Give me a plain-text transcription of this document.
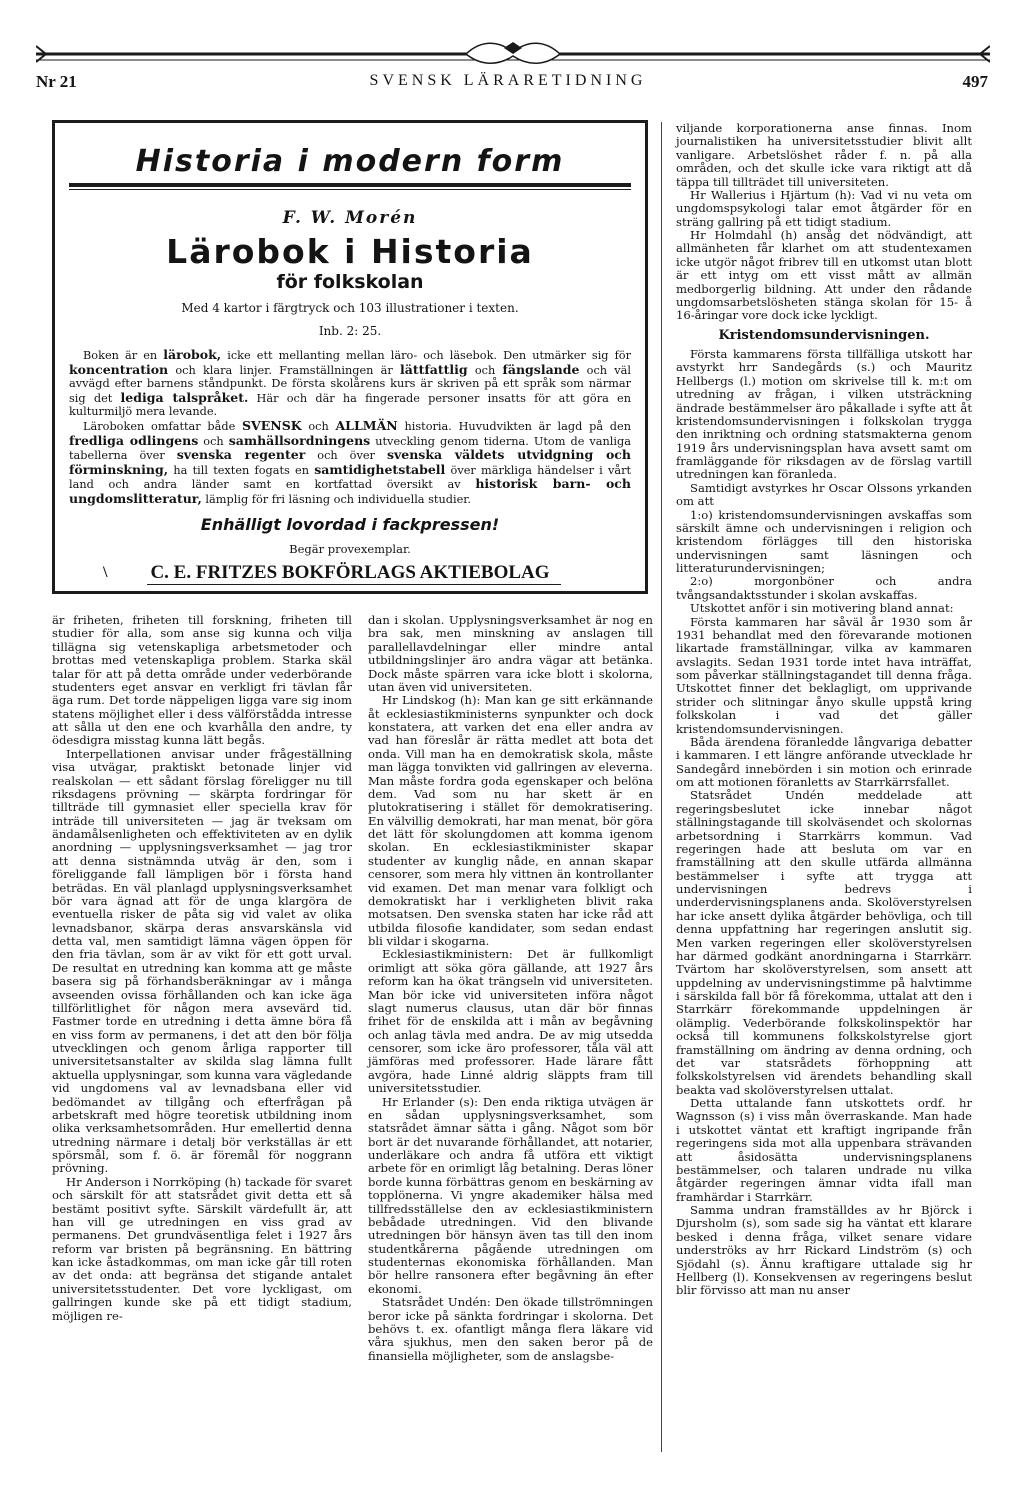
Nr 21	SVENSK LÄRARETIDNING	497
Historia i modern form
F. W. Morén
Lärobok i Historia
för folkskolan
Med 4 kartor i färgtryck och 103 illustrationer i texten.
Inb. 2: 25.

Boken är en lärobok, icke ett mellanting mellan läro- och läsebok. Den utmärker sig för koncentration och klara linjer. Framställningen är lättfattlig och fängslande och väl avvägd efter barnens ståndpunkt. De första skolårens kurs är skriven på ett språk som närmar sig det ledigа talspråket. Här och där ha fingerade personer insatts för att göra en kulturmiljö mera levande.

Läroboken omfattar både SVENSK och ALLMÄN historia. Huvudvikten är lagd på den fredliga odlingens och samhällsordningens utveckling genom tiderna. Utom de vanliga tabellerna över svenska regenter och över svenska väldets utvidgning och förminskning, ha till texten fogats en samtidighetstabell över märkliga händelser i vårt land och andra länder samt en kortfattad översikt av historisk barn- och ungdomslitteratur, lämplig för fri läsning och individuella studier.

Enhälligt lovordad i fackpressen!
Begär provexemplar.
\ C. E. FRITZES BOKFÖRLAGS AKTIEBOLAG

är friheten, friheten till forskning, friheten till studier för alla, som anse sig kunna och vilja tillägna sig vetenskapliga arbetsmetoder och brottas med vetenskapliga problem. Starka skäl talar för att på detta område under vederbörande studenters eget ansvar en verkligt fri tävlan får äga rum. Det torde näppeligen ligga vare sig inom statens möjlighet eller i dess välförstådda intresse att sålla ut den ene och kvarhålla den andre, ty ödesdigra misstag kunna lätt begås.

Interpellationen anvisar under frågeställning visa utvägar, praktiskt betonade linjer vid realskolan — ett sådant förslag föreligger nu till riksdagens prövning — skärpta fordringar för tillträde till gymnasiet eller speciella krav för inträde till universiteten — jag är tveksam om ändamålsenligheten och effektiviteten av en dylik anordning — upplysningsverksamhet — jag tror att denna sistnämnda utväg är den, som i föreliggande fall lämpligen bör i första hand beträdas. En väl planlagd upplysningsverksamhet bör vara ägnad att för de unga klargöra de eventuella risker de påta sig vid valet av olika levnadsbanor, skärpa deras ansvarskänsla vid detta val, men samtidigt lämna vägen öppen för den fria tävlan, som är av vikt för ett gott urval. De resultat en utredning kan komma att ge måste basera sig på förhandsberäkningar av i många avseenden ovissa förhållanden och kan icke äga tillförlitlighet för någon mera avsevärd tid. Fastmer torde en utredning i detta ämne böra få en viss form av permanens, i det att den bör följa utvecklingen och genom årliga rapporter till universitetsanstalter av skilda slag lämna fullt aktuella upplysningar, som kunna vara vägledande vid ungdomens val av levnadsbana eller vid bedömandet av tillgång och efterfrågan på arbetskraft med högre teoretisk utbildning inom olika verksamhetsområden. Hur emellertid denna utredning närmare i detalj bör verkställas är ett spörsmål, som f. ö. är föremål för noggrann prövning.

Hr Anderson i Norrköping (h) tackade för svaret och särskilt för att statsrådet givit detta ett så bestämt positivt syfte. Särskilt värdefullt är, att han vill ge utredningen en viss grad av permanens. Det grundväsentliga felet i 1927 års reform var bristen på begränsning. En bättring kan icke åstadkommas, om man icke går till roten av det onda: att begränsa det stigande antalet universitetsstudenter. Det vore lyckligast, om gallringen kunde ske på ett tidigt stadium, möjligen re-

dan i skolan. Upplysningsverksamhet är nog en bra sak, men minskning av anslagen till parallellavdelningar eller mindre antal utbildningslinjer äro andra vägar att betänka. Dock måste spärren vara icke blott i skolorna, utan även vid universiteten.

Hr Lindskog (h): Man kan ge sitt erkännande åt ecklesiastikministerns synpunkter och dock konstatera, att varken det ena eller andra av vad han föreslår är rätta medlet att bota det onda. Vill man ha en demokratisk skola, måste man lägga tonvikten vid gallringen av eleverna. Man måste fordra goda egenskaper och belöna dem. Vad som nu har skett är en plutokratisering i stället för demokratisering. En välvillig demokrati, har man menat, bör göra det lätt för skolungdomen att komma igenom skolan. En ecklesiastikminister skapar studenter av kunglig nåde, en annan skapar censorer, som mera hly vittnen än kontrollanter vid examen. Det man menar vara folkligt och demokratiskt har i verkligheten blivit raka motsatsen. Den svenska staten har icke råd att utbilda filosofie kandidater, som sedan endast bli vildar i skogarna.

Ecklesiastikministern: Det är fullkomligt orimligt att söka göra gällande, att 1927 års reform kan ha ökat trängseln vid universiteten. Man bör icke vid universiteten införa något slagt numerus clausus, utan där bör finnas frihet för de enskilda att i mån av begåvning och anlag tävla med andra. De av mig utsedda censorer, som icke äro professorer, tåla väl att jämföras med professorer. Hade lärare fått avgöra, hade Linné aldrig släppts fram till universitetsstudier.

Hr Erlander (s): Den enda riktiga utvägen är en sådan upplysningsverksamhet, som statsrådet ämnar sätta i gång. Något som bör bort är det nuvarande förhållandet, att notarier, underläkare och andra få utföra ett viktigt arbete för en orimligt låg betalning. Deras löner borde kunna förbättras genom en beskärning av topplönerna. Vi yngre akademiker hälsa med tillfredsställelse den av ecklesiastikministern bebådade utredningen. Vid den blivande utredningen bör hänsyn även tas till den inom studentkårerna pågående utredningen om studenternas ekonomiska förhållanden. Man bör hellre ransonera efter begåvning än efter ekonomi.

Statsrådet Undén: Den ökade tillströmningen beror icke på sänkta fordringar i skolorna. Det behövs t. ex. ofantligt många flera läkare vid våra sjukhus, men den saken beror på de finansiella möjligheter, som de anslagsbe-

viljande korporationerna anse finnas. Inom journalistiken ha universitetsstudier blivit allt vanligare. Arbetslöshet råder f. n. på alla områden, och det skulle icke vara riktigt att då täppa till tillträdet till universiteten.

Hr Wallerius i Hjärtum (h): Vad vi nu veta om ungdomspsykologi talar emot åtgärder för en sträng gallring på ett tidigt stadium.

Hr Holmdahl (h) ansåg det nödvändigt, att allmänheten får klarhet om att studentexamen icke utgör något fribrev till en utkomst utan blott är ett intyg om ett visst mått av allmän medborgerlig bildning. Att under den rådande ungdomsarbetslösheten stänga skolan för 15- å 16-åringar vore dock icke lyckligt.

Kristendomsundervisningen.

Första kammarens första tillfälliga utskott har avstyrkt hrr Sandegårds (s.) och Mauritz Hellbergs (l.) motion om skrivelse till k. m:t om utredning av frågan, i vilken utsträckning ändrade bestämmelser äro påkallade i syfte att åt kristendomsundervisningen i folkskolan trygga den inriktning och ordning statsmakterna genom 1919 års undervisningsplan hava avsett samt om framläggande för riksdagen av de förslag vartill utredningen kan föranleda.

Samtidigt avstyrkes hr Oscar Olssons yrkanden om att

1:o) kristendomsundervisningen avskaffas som särskilt ämne och undervisningen i religion och kristendom förlägges till den historiska undervisningen samt läsningen och litteraturundervisningen;

2:o) morgonböner och andra tvångsandaktsstunder i skolan avskaffas.

Utskottet anför i sin motivering bland annat:

Första kammaren har såväl år 1930 som år 1931 behandlat med den förevarande motionen likartade framställningar, vilka av kammaren avslagits. Sedan 1931 torde intet hava inträffat, som påverkar ställningstagandet till denna fråga. Utskottet finner det beklagligt, om upprivande strider och slitningar ånyo skulle uppstå kring folkskolan i vad det gäller kristendomsundervisningen.

Båda ärendena föranledde långvariga debatter i kammaren. I ett längre anförande utvecklade hr Sandegård innebörden i sin motion och erinrade om att motionen föranletts av Starrkärrsfallet.

Statsrådet Undén meddelade att regeringsbeslutet icke innebar något ställningstagande till skolväsendet och skolornas arbetsordning i Starrkärrs kommun. Vad regeringen hade att besluta om var en framställning att den skulle utfärda allmänna bestämmelser i syfte att trygga att undervisningen bedrevs i underdervisningsplanens anda. Skolöverstyrelsen har icke ansett dylika åtgärder behövliga, och till denna uppfattning har regeringen anslutit sig. Men varken regeringen eller skolöverstyrelsen har därmed godkänt anordningarna i Starrkärr. Tvärtom har skolöverstyrelsen, som ansett att uppdelning av undervisningstimme på halvtimme i särskilda fall bör få förekomma, uttalat att den i Starrkärr förekommande uppdelningen är olämplig. Vederbörande folkskolinspektör har också till kommunens folkskolstyrelse gjort framställning om ändring av denna ordning, och det var statsrådets förhoppning att folkskolstyrelsen vid ärendets behandling skall beakta vad skolöverstyrelsen uttalat.

Detta uttalande fann utskottets ordf. hr Wagnsson (s) i viss mån överraskande. Man hade i utskottet väntat ett kraftigt ingripande från regeringens sida mot alla uppenbara strävanden att åsidosätta undervisningsplanens bestämmelser, och talaren undrade nu vilka åtgärder regeringen ämnar vidta ifall man framhärdar i Starrkärr.

Samma undran framställdes av hr Björck i Djursholm (s), som sade sig ha väntat ett klarare besked i denna fråga, vilket senare vidare underströks av hrr Rickard Lindström (s) och Sjödahl (s). Ännu kraftigare uttalade sig hr Hellberg (l). Konsekvensen av regeringens beslut blir förvisso att man nu anser
